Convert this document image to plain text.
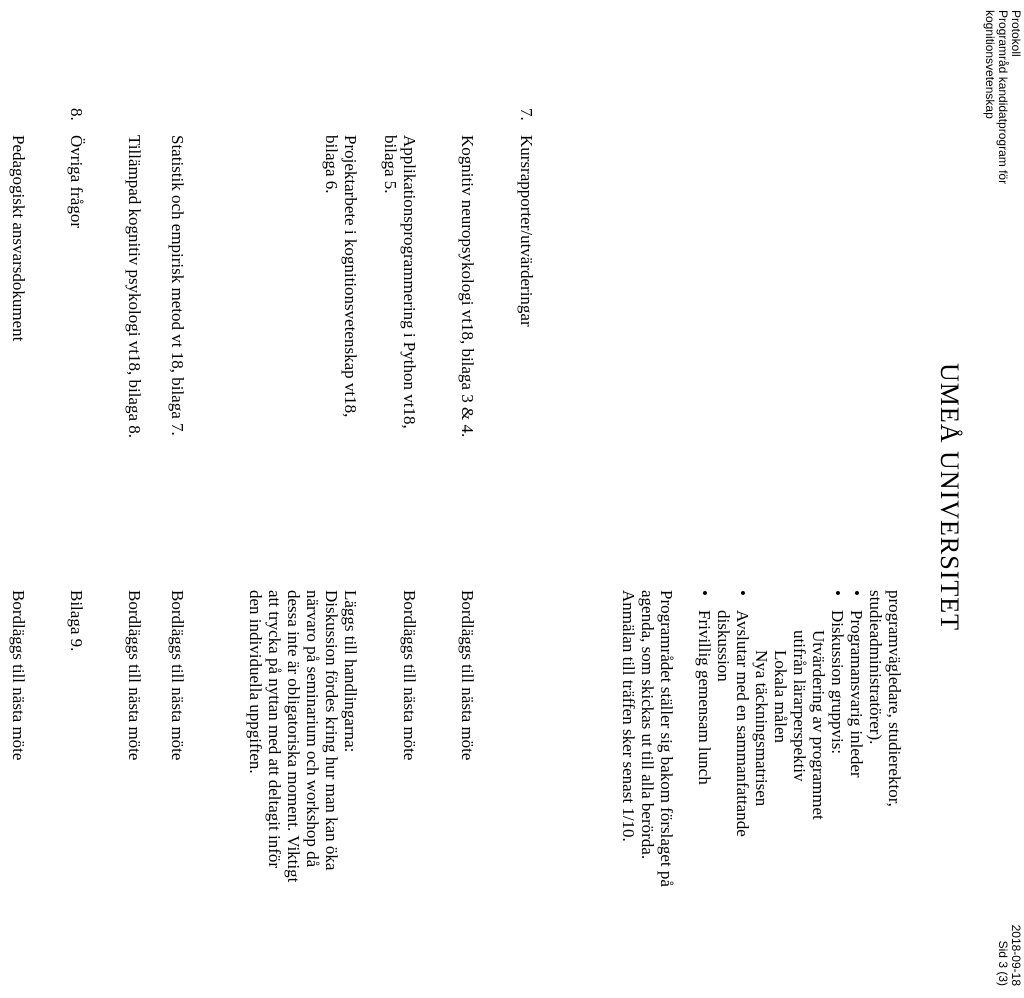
Protokoll
Programråd kandidatprogram för
kognitionsvetenskap
2018-09-18
Sid 3 (3)
UMEÅ UNIVERSITET
programvägledare, studierektor,
studieadministratörer).
•
Programansvarig inleder
•
Diskussion gruppvis:
Utvärdering av programmet
utifrån lärarperspektiv
Lokala målen
Nya täckningsmatrisen
•
Avslutar med en sammanfattande
diskussion
•
Frivillig gemensam lunch
Programrådet ställer sig bakom förslaget på
agenda, som skickas ut till alla berörda.
Anmälan till träffen sker senast 1/10.
7.
Kursrapporter/utvärderingar
Kognitiv neuropsykologi vt18, bilaga 3 & 4.
Bordläggs till nästa möte
Applikationsprogrammering i Python vt18,
bilaga 5.
Bordläggs till nästa möte
Projektarbete i kognitionsvetenskap vt18,
bilaga 6.
Läggs till handlingarna:
Diskussion fördes kring hur man kan öka
närvaro på seminarium och workshop då
dessa inte är obligatoriska moment. Viktigt
att trycka på nyttan med att deltagit inför
den individuella uppgiften.
Statistik och empirisk metod vt 18, bilaga 7.
Bordläggs till nästa möte
Tillämpad kognitiv psykologi vt18, bilaga 8.
Bordläggs till nästa möte
8.
Övriga frågor
Bilaga 9.
Pedagogiskt ansvarsdokument
Bordläggs till nästa möte
